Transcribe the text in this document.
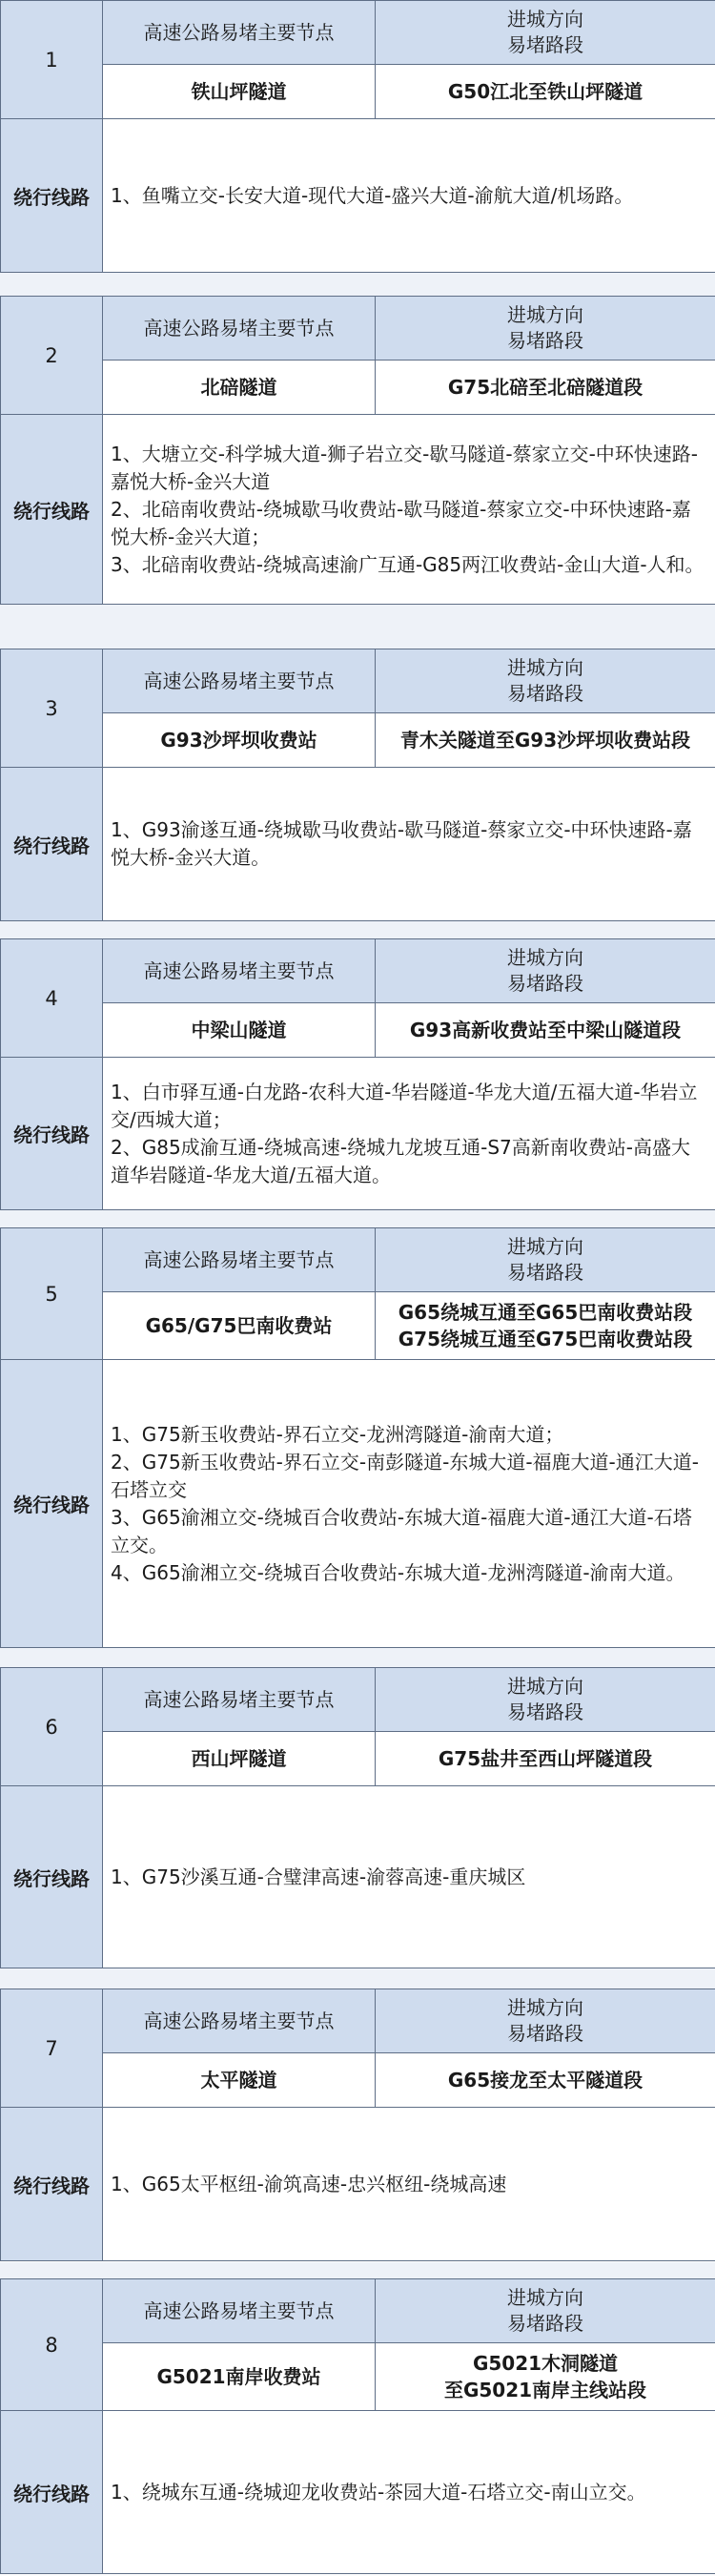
1	高速公路易堵主要节点	进城方向
易堵路段

	铁山坪隧道	G50江北至铁山坪隧道

绕行线路	1、鱼嘴立交-长安大道-现代大道-盛兴大道-渝航大道/机场路。	
2	高速公路易堵主要节点	进城方向
易堵路段

	北碚隧道	G75北碚至北碚隧道段

绕行线路	1、大塘立交-科学城大道-狮子岩立交-歇马隧道-蔡家立交-中环快速路-嘉悦大桥-金兴大道
2、北碚南收费站-绕城歇马收费站-歇马隧道-蔡家立交-中环快速路-嘉悦大桥-金兴大道；
3、北碚南收费站-绕城高速渝广互通-G85两江收费站-金山大道-人和。	
3	高速公路易堵主要节点	进城方向
易堵路段

	G93沙坪坝收费站	青木关隧道至G93沙坪坝收费站段

绕行线路	1、G93渝遂互通-绕城歇马收费站-歇马隧道-蔡家立交-中环快速路-嘉悦大桥-金兴大道。	
4	高速公路易堵主要节点	进城方向
易堵路段

	中梁山隧道	G93高新收费站至中梁山隧道段

绕行线路	1、白市驿互通-白龙路-农科大道-华岩隧道-华龙大道/五福大道-华岩立交/西城大道；
2、G85成渝互通-绕城高速-绕城九龙坡互通-S7高新南收费站-高盛大道华岩隧道-华龙大道/五福大道。	
5	高速公路易堵主要节点	进城方向
易堵路段

	G65/G75巴南收费站	G65绕城互通至G65巴南收费站段
G75绕城互通至G75巴南收费站段

绕行线路	1、G75新玉收费站-界石立交-龙洲湾隧道-渝南大道；
2、G75新玉收费站-界石立交-南彭隧道-东城大道-福鹿大道-通江大道-石塔立交
3、G65渝湘立交-绕城百合收费站-东城大道-福鹿大道-通江大道-石塔立交。
4、G65渝湘立交-绕城百合收费站-东城大道-龙洲湾隧道-渝南大道。	
6	高速公路易堵主要节点	进城方向
易堵路段

	西山坪隧道	G75盐井至西山坪隧道段

绕行线路	1、G75沙溪互通-合璧津高速-渝蓉高速-重庆城区	
7	高速公路易堵主要节点	进城方向
易堵路段

	太平隧道	G65接龙至太平隧道段

绕行线路	1、G65太平枢纽-渝筑高速-忠兴枢纽-绕城高速	
8	高速公路易堵主要节点	进城方向
易堵路段

	G5021南岸收费站	G5021木洞隧道
至G5021南岸主线站段

绕行线路	1、绕城东互通-绕城迎龙收费站-茶园大道-石塔立交-南山立交。	
